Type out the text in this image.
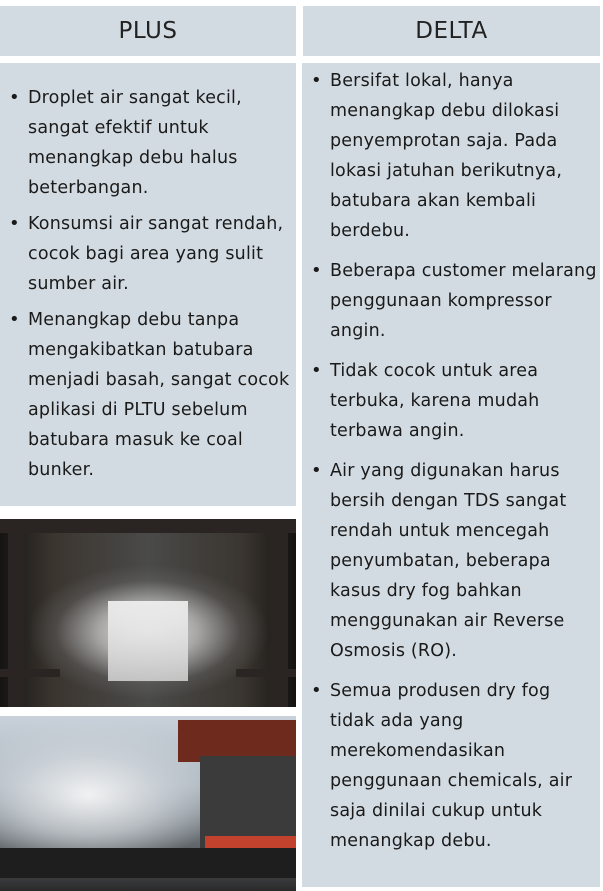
PLUS	DELTA
• Droplet air sangat kecil, sangat efektif untuk menangkap debu halus beterbangan.
• Konsumsi air sangat rendah, cocok bagi area yang sulit sumber air.
• Menangkap debu tanpa mengakibatkan batubara menjadi basah, sangat cocok aplikasi di PLTU sebelum batubara masuk ke coal bunker.
• Bersifat lokal, hanya menangkap debu dilokasi penyemprotan saja. Pada lokasi jatuhan berikutnya, batubara akan kembali berdebu.
• Beberapa customer melarang penggunaan kompressor angin.
• Tidak cocok untuk area terbuka, karena mudah terbawa angin.
• Air yang digunakan harus bersih dengan TDS sangat rendah untuk mencegah penyumbatan, beberapa kasus dry fog bahkan menggunakan air Reverse Osmosis (RO).
• Semua produsen dry fog tidak ada yang merekomendasikan penggunaan chemicals, air saja dinilai cukup untuk menangkap debu.
